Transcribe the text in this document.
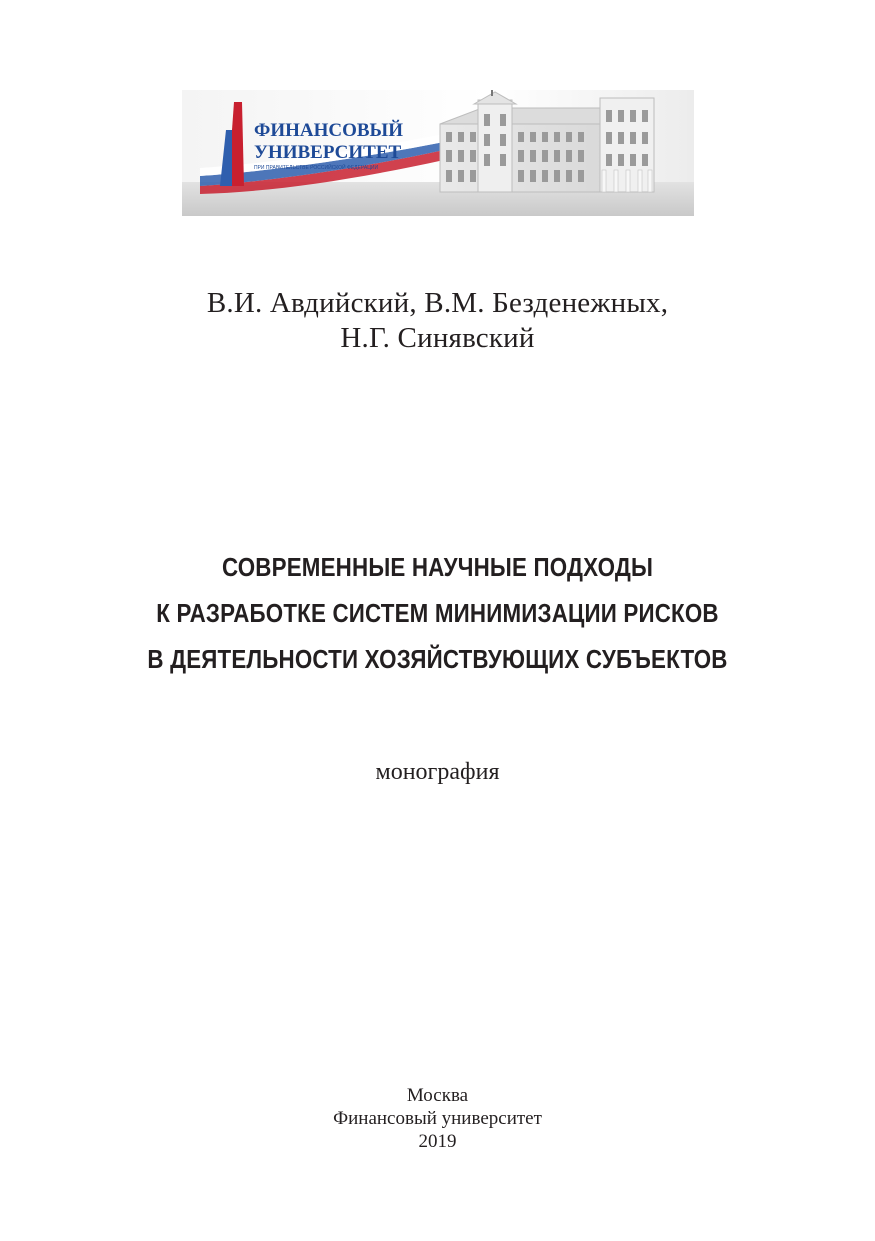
ФИНАНСОВЫЙ
УНИВЕРСИТЕТ
ПРИ ПРАВИТЕЛЬСТВЕ РОССИЙСКОЙ ФЕДЕРАЦИИ
В.И. Авдийский, В.М. Безденежных,
Н.Г. Синявский
СОВРЕМЕННЫЕ НАУЧНЫЕ ПОДХОДЫ
К РАЗРАБОТКЕ СИСТЕМ МИНИМИЗАЦИИ РИСКОВ
В ДЕЯТЕЛЬНОСТИ ХОЗЯЙСТВУЮЩИХ СУБЪЕКТОВ
монография
Москва
Финансовый университет
2019
